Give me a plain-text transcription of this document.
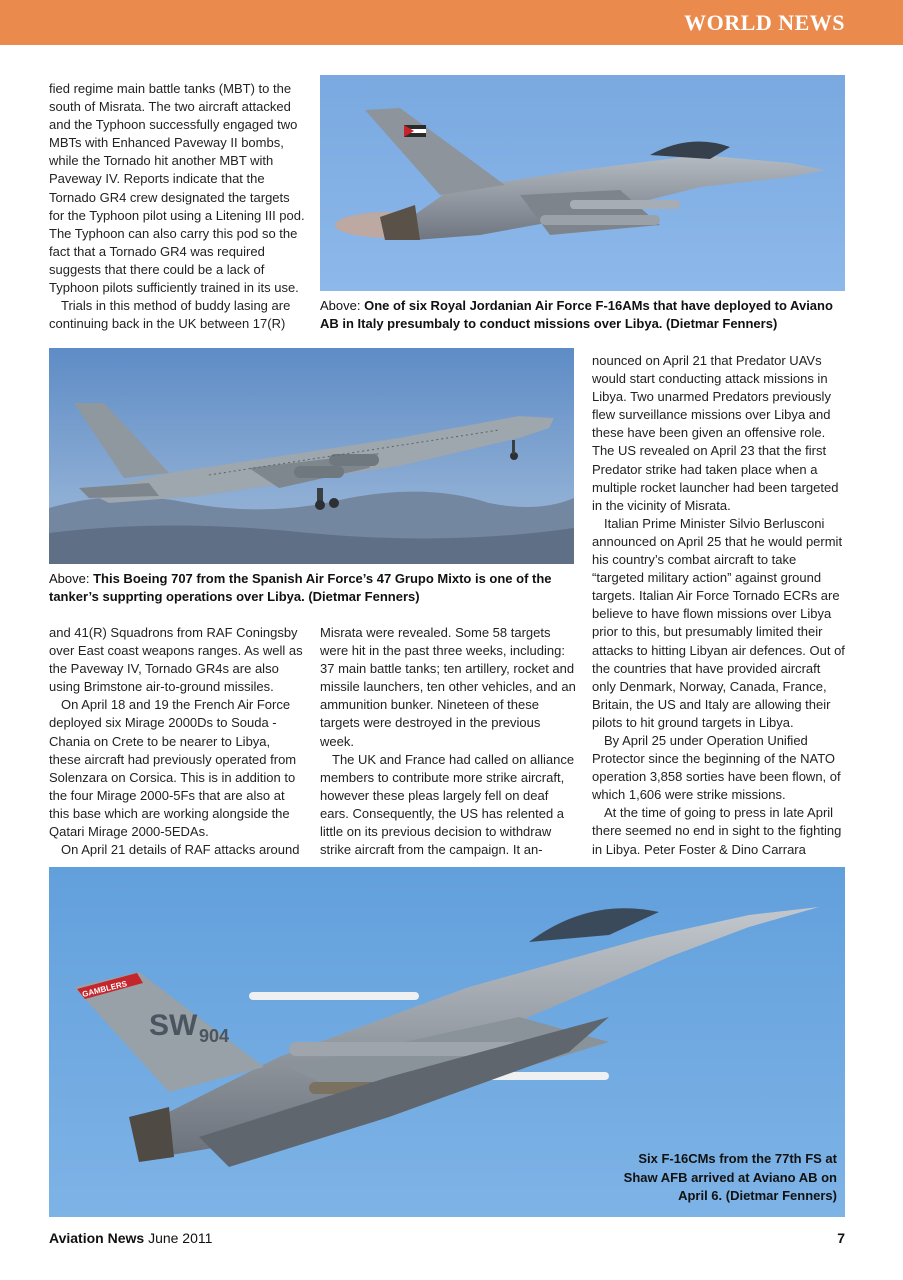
WORLD NEWS

fied regime main battle tanks (MBT) to the south of Misrata. The two aircraft attacked and the Typhoon successfully engaged two MBTs with Enhanced Paveway II bombs, while the Tornado hit another MBT with Paveway IV. Reports indicate that the Tornado GR4 crew designated the targets for the Typhoon pilot using a Litening III pod. The Typhoon can also carry this pod so the fact that a Tornado GR4 was required suggests that there could be a lack of Typhoon pilots sufficiently trained in its use.

Trials in this method of buddy lasing are continuing back in the UK between 17(R)

Above: One of six Royal Jordanian Air Force F-16AMs that have deployed to Aviano AB in Italy presumbaly to conduct missions over Libya. (Dietmar Fenners)
Above: This Boeing 707 from the Spanish Air Force’s 47 Grupo Mixto is one of the tanker’s supprting operations over Libya. (Dietmar Fenners)

nounced on April 21 that Predator UAVs would start conducting attack missions in Libya. Two unarmed Predators previously flew surveillance missions over Libya and these have been given an offensive role. The US revealed on April 23 that the first Predator strike had taken place when a multiple rocket launcher had been targeted in the vicinity of Misrata.

Italian Prime Minister Silvio Berlusconi announced on April 25 that he would permit his country’s combat aircraft to take “targeted military action” against ground targets. Italian Air Force Tornado ECRs are believe to have flown missions over Libya prior to this, but presumably limited their attacks to hitting Libyan air defences. Out of the countries that have provided aircraft only Denmark, Norway, Canada, France, Britain, the US and Italy are allowing their pilots to hit ground targets in Libya.

By April 25 under Operation Unified Protector since the beginning of the NATO operation 3,858 sorties have been flown, of which 1,606 were strike missions.

At the time of going to press in late April there seemed no end in sight to the fighting in Libya. Peter Foster & Dino Carrara

and 41(R) Squadrons from RAF Coningsby over East coast weapons ranges. As well as the Paveway IV, Tornado GR4s are also using Brimstone air-to-ground missiles.

On April 18 and 19 the French Air Force deployed six Mirage 2000Ds to Souda - Chania on Crete to be nearer to Libya, these aircraft had previously operated from Solenzara on Corsica. This is in addition to the four Mirage 2000-5Fs that are also at this base which are working alongside the Qatari Mirage 2000-5EDAs.

On April 21 details of RAF attacks around

Misrata were revealed. Some 58 targets were hit in the past three weeks, including: 37 main battle tanks; ten artillery, rocket and missile launchers, ten other vehicles, and an ammunition bunker. Nineteen of these targets were destroyed in the previous week.

The UK and France had called on alliance members to contribute more strike aircraft, however these pleas largely fell on deaf ears. Consequently, the US has relented a little on its previous decision to withdraw strike aircraft from the campaign. It an-

SW 904
GAMBLERS
Six F-16CMs from the 77th FS at Shaw AFB arrived at Aviano AB on April 6. (Dietmar Fenners)
Aviation News June 2011	7
